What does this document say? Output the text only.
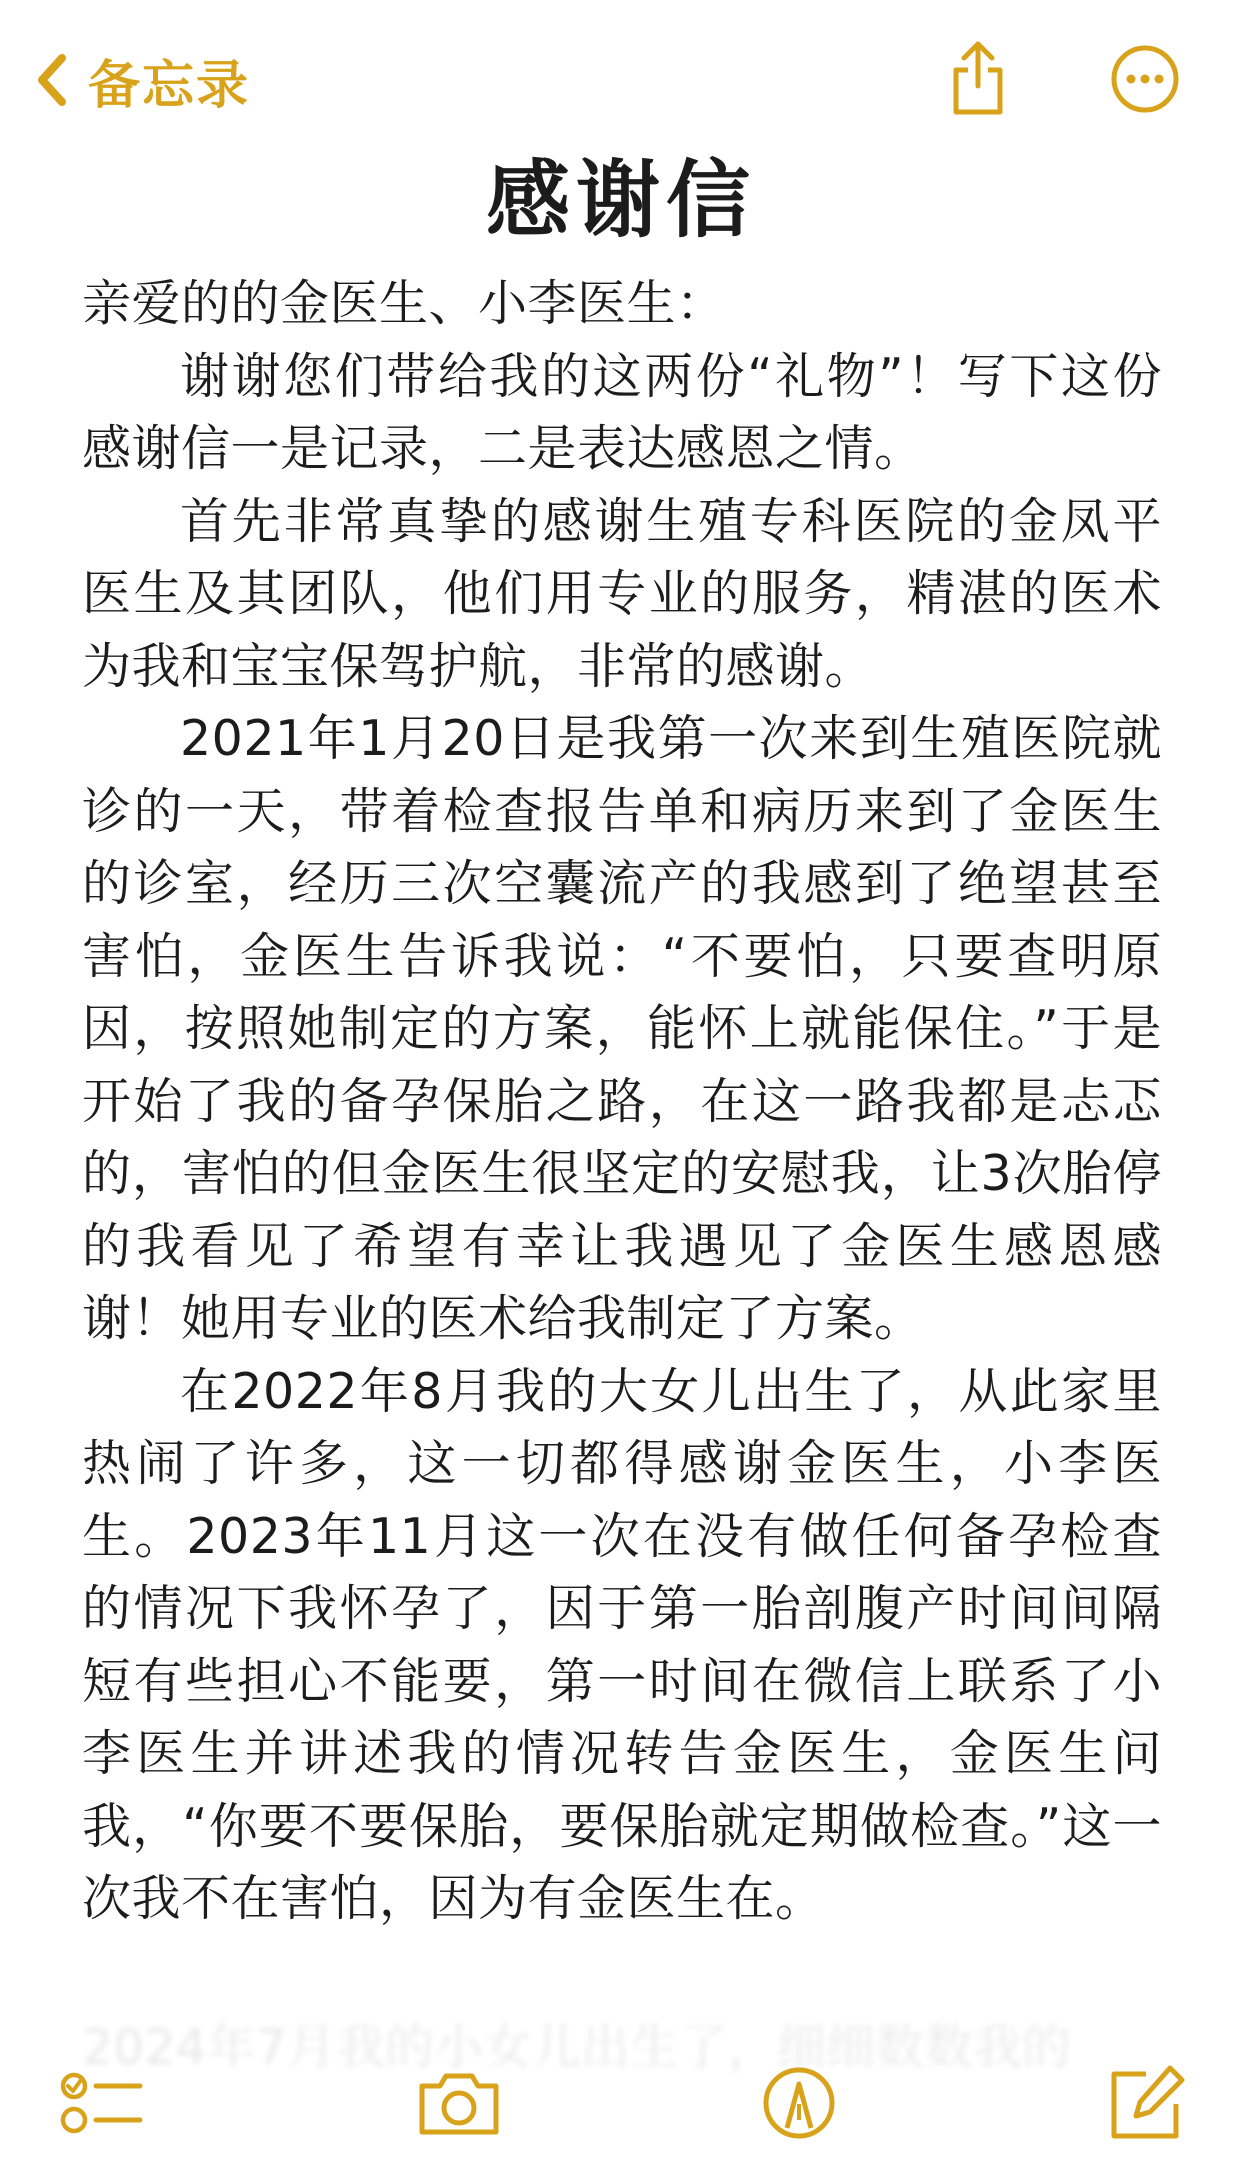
备忘录
感谢信

亲爱的的金医生、小李医生：

谢谢您们带给我的这两份“礼物”！写下这份感谢信一是记录，二是表达感恩之情。

首先非常真挚的感谢生殖专科医院的金凤平医生及其团队，他们用专业的服务，精湛的医术为我和宝宝保驾护航，非常的感谢。

2021年1月20日是我第一次来到生殖医院就诊的一天，带着检查报告单和病历来到了金医生的诊室，经历三次空囊流产的我感到了绝望甚至害怕，金医生告诉我说：“不要怕，只要查明原因，按照她制定的方案，能怀上就能保住。”于是开始了我的备孕保胎之路，在这一路我都是忐忑的，害怕的但金医生很坚定的安慰我，让3次胎停的我看见了希望有幸让我遇见了金医生感恩感谢！她用专业的医术给我制定了方案。

在2022年8月我的大女儿出生了，从此家里热闹了许多，这一切都得感谢金医生，小李医生。2023年11月这一次在没有做任何备孕检查的情况下我怀孕了，因于第一胎剖腹产时间间隔短有些担心不能要，第一时间在微信上联系了小李医生并讲述我的情况转告金医生，金医生问我，“你要不要保胎，要保胎就定期做检查。”这一次我不在害怕，因为有金医生在。

2024年7月我的小女儿出生了，细细数数我的
